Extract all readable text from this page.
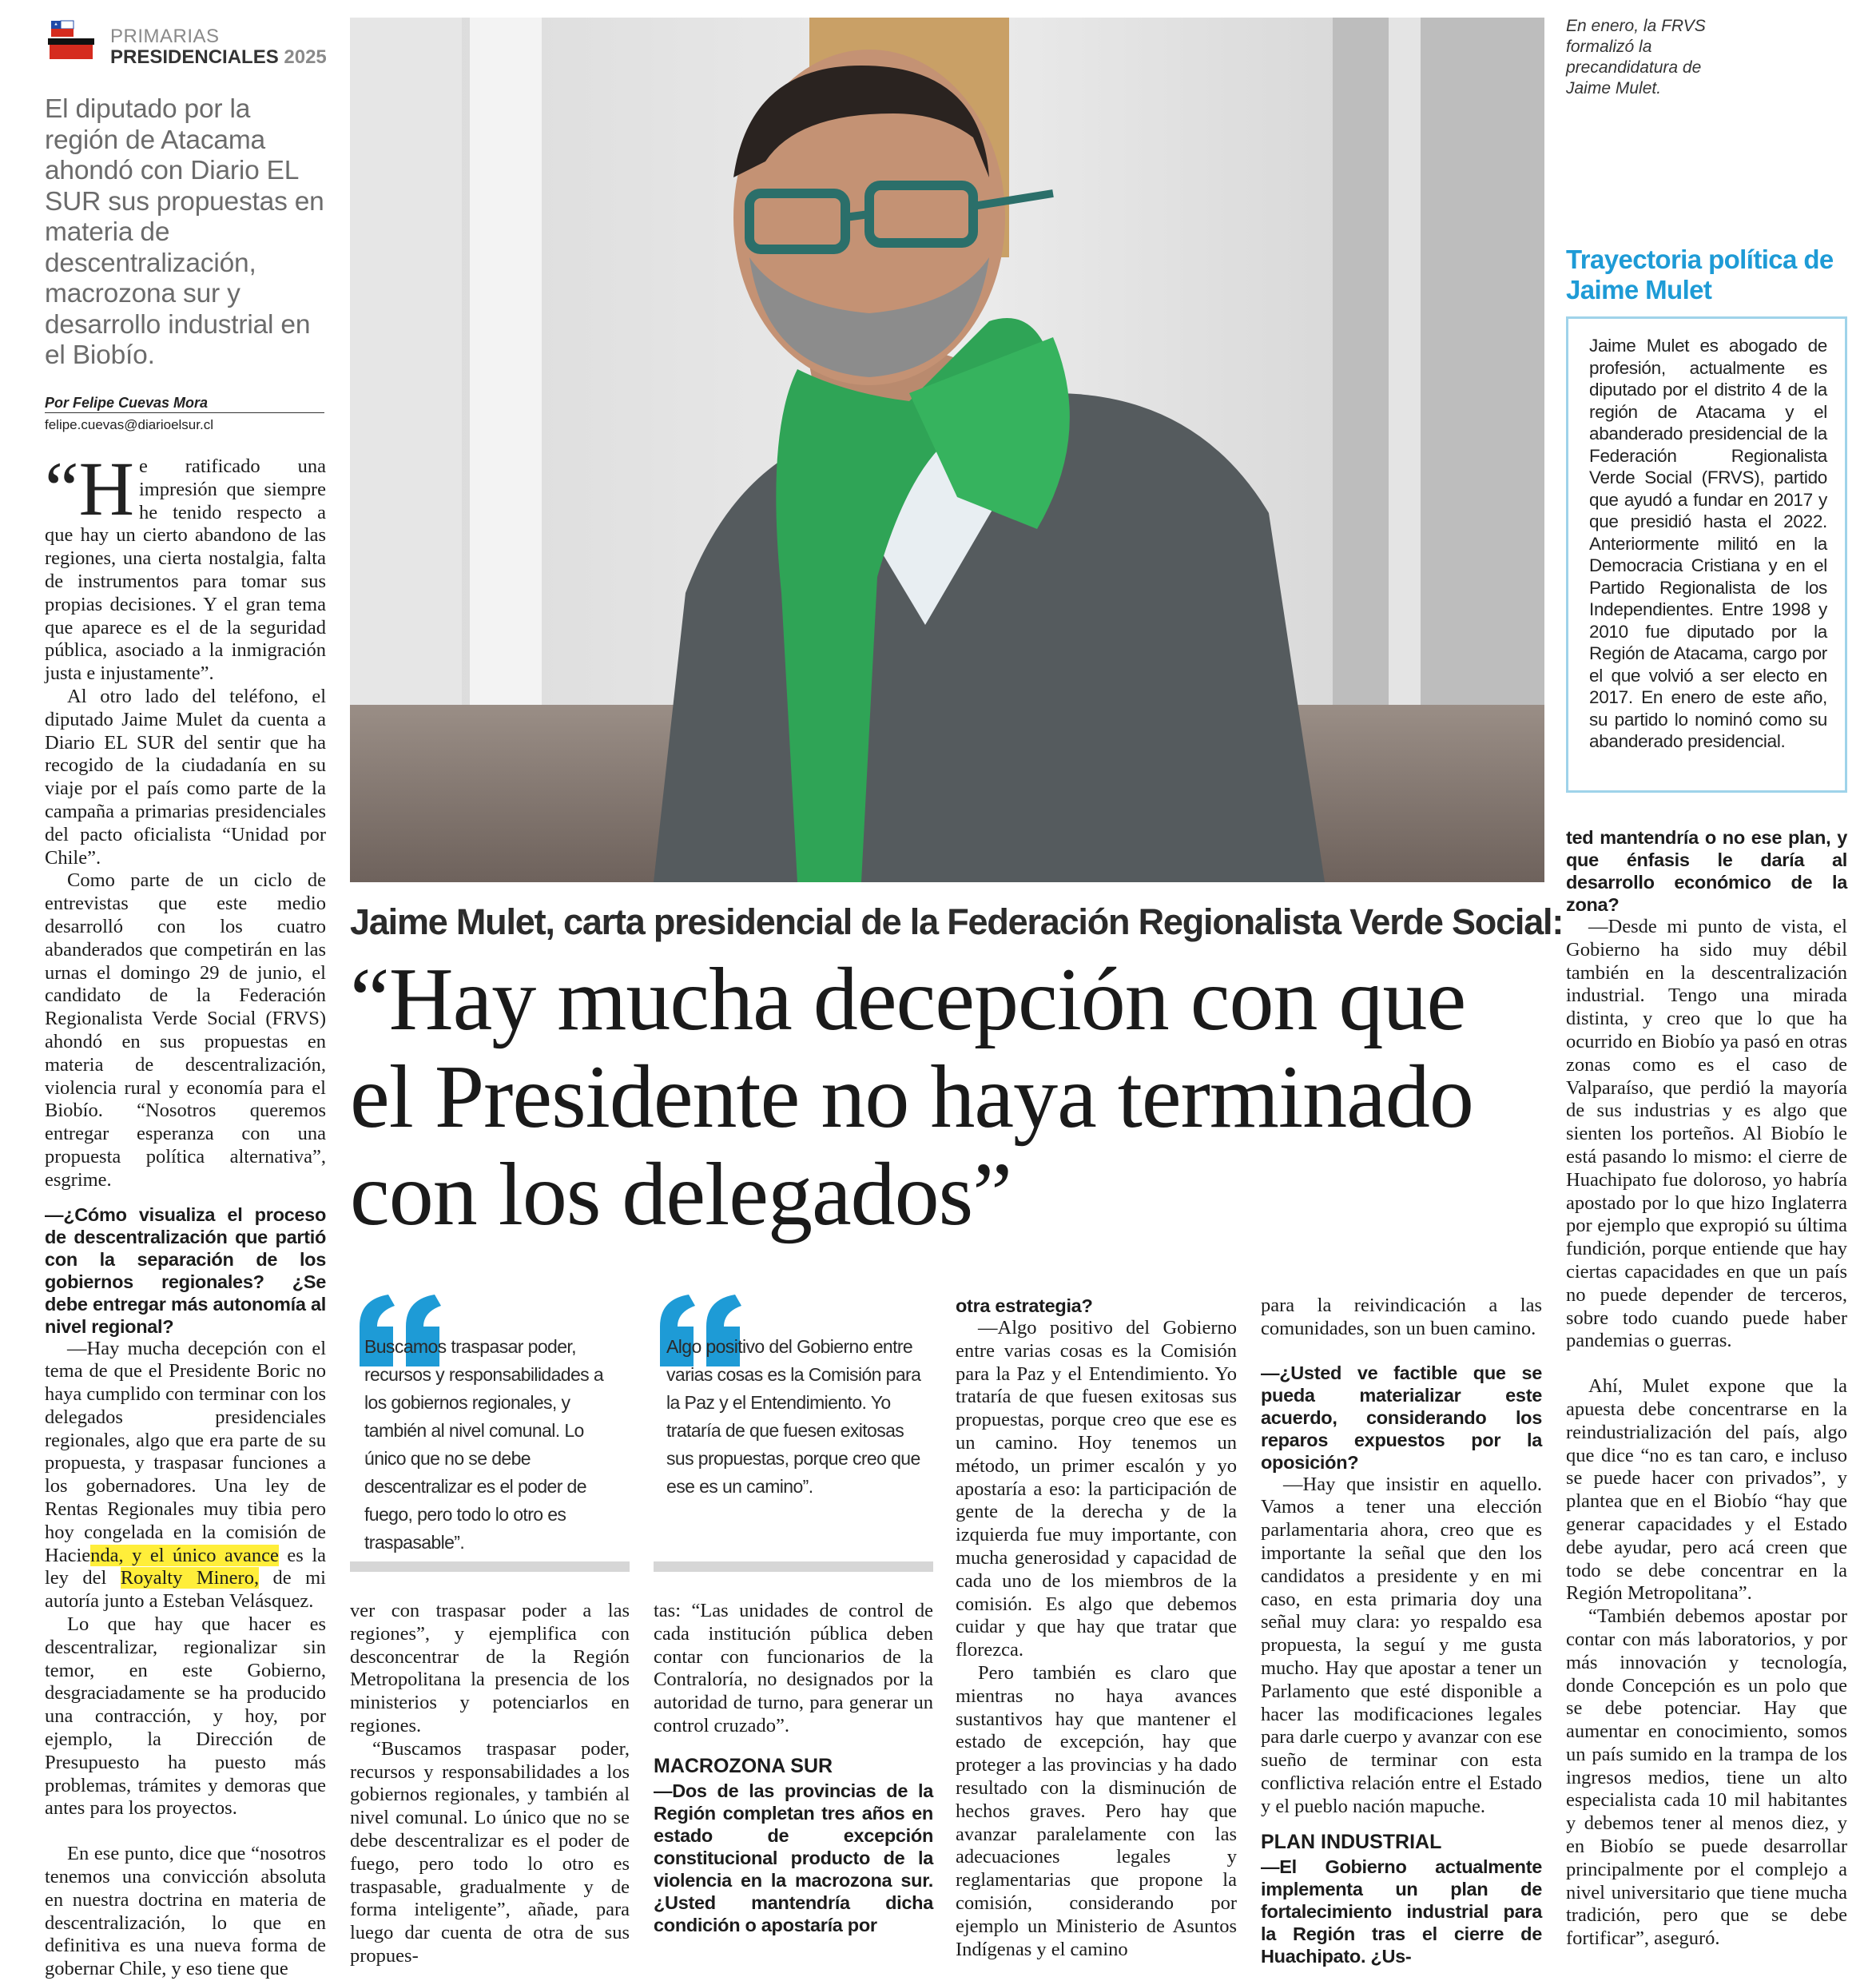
PRIMARIAS
PRESIDENCIALES 2025
El diputado por la región de Atacama ahondó con Diario EL SUR sus propuestas en materia de descentralización, macrozona sur y desarrollo industrial en el Biobío.
Por Felipe Cuevas Mora
felipe.cuevas@diarioelsur.cl

“H e ratificado una impresión que siempre he tenido respecto a que hay un cierto abandono de las regiones, una cierta nostalgia, falta de instrumentos para tomar sus propias decisiones. Y el gran tema que aparece es el de la seguridad pública, asociado a la inmigración justa e injustamente”.

Al otro lado del teléfono, el diputado Jaime Mulet da cuenta a Diario EL SUR del sentir que ha recogido de la ciudadanía en su viaje por el país como parte de la campaña a primarias presidenciales del pacto oficialista “Unidad por Chile”.

Como parte de un ciclo de entrevistas que este medio desarrolló con los cuatro abanderados que competirán en las urnas el domingo 29 de junio, el candidato de la Federación Regionalista Verde Social (FRVS) ahondó en sus propuestas en materia de descentralización, violencia rural y economía para el Biobío. “Nosotros queremos entregar esperanza con una propuesta política alternativa”, esgrime.

—¿Cómo visualiza el proceso de descentralización que partió con la separación de los gobiernos regionales? ¿Se debe entregar más autonomía al nivel regional?

—Hay mucha decepción con el tema de que el Presidente Boric no haya cumplido con terminar con los delegados presidenciales regionales, algo que era parte de su propuesta, y traspasar funciones a los gobernadores. Una ley de Rentas Regionales muy tibia pero hoy congelada en la comisión de Hacienda, y el único avance es la ley del Royalty Minero, de mi autoría junto a Esteban Velásquez.

Lo que hay que hacer es descentralizar, regionalizar sin temor, en este Gobierno, desgraciadamente se ha producido una contracción, y hoy, por ejemplo, la Dirección de Presupuesto ha puesto más problemas, trámites y demoras que antes para los proyectos.

En ese punto, dice que “nosotros tenemos una convicción absoluta en nuestra doctrina en materia de descentralización, lo que en definitiva es una nueva forma de gobernar Chile, y eso tiene que

En enero, la FRVS formalizó la precandidatura de Jaime Mulet.
Trayectoria política de Jaime Mulet
Jaime Mulet es abogado de profesión, actualmente es diputado por el distrito 4 de la región de Atacama y el abanderado presidencial de la Federación Regionalista Verde Social (FRVS), partido que ayudó a fundar en 2017 y que presidió hasta el 2022. Anteriormente militó en la Democracia Cristiana y en el Partido Regionalista de los Independientes. Entre 1998 y 2010 fue diputado por la Región de Atacama, cargo por el que volvió a ser electo en 2017. En enero de este año, su partido lo nominó como su abanderado presidencial.
Jaime Mulet, carta presidencial de la Federación Regionalista Verde Social:
“Hay mucha decepción con que el Presidente no haya terminado con los delegados”
Buscamos traspasar poder, recursos y responsabilidades a los gobiernos regionales, y también al nivel comunal. Lo único que no se debe descentralizar es el poder de fuego, pero todo lo otro es traspasable”.
Algo positivo del Gobierno entre varias cosas es la Comisión para la Paz y el Entendimiento. Yo trataría de que fuesen exitosas sus propuestas, porque creo que ese es un camino”.

ver con traspasar poder a las regiones”, y ejemplifica con desconcentrar de la Región Metropolitana la presencia de los ministerios y potenciarlos en regiones.

“Buscamos traspasar poder, recursos y responsabilidades a los gobiernos regionales, y también al nivel comunal. Lo único que no se debe descentralizar es el poder de fuego, pero todo lo otro es traspasable, gradualmente y de forma inteligente”, añade, para luego dar cuenta de otra de sus propues-

tas: “Las unidades de control de cada institución pública deben contar con funcionarios de la Contraloría, no designados por la autoridad de turno, para generar un control cruzado”.

MACROZONA SUR

—Dos de las provincias de la Región completan tres años en estado de excepción constitucional producto de la violencia en la macrozona sur. ¿Usted mantendría dicha condición o apostaría por

otra estrategia?

—Algo positivo del Gobierno entre varias cosas es la Comisión para la Paz y el Entendimiento. Yo trataría de que fuesen exitosas sus propuestas, porque creo que ese es un camino. Hoy tenemos un método, un primer escalón y yo apostaría a eso: la participación de gente de la derecha y de la izquierda fue muy importante, con mucha generosidad y capacidad de cada uno de los miembros de la comisión. Es algo que debemos cuidar y que hay que tratar que florezca.

Pero también es claro que mientras no haya avances sustantivos hay que mantener el estado de excepción, hay que proteger a las provincias y ha dado resultado con la disminución de hechos graves. Pero hay que avanzar paralelamente con las adecuaciones legales y reglamentarias que propone la comisión, considerando por ejemplo un Ministerio de Asuntos Indígenas y el camino

para la reivindicación a las comunidades, son un buen camino.

—¿Usted ve factible que se pueda materializar este acuerdo, considerando los reparos expuestos por la oposición?

—Hay que insistir en aquello. Vamos a tener una elección parlamentaria ahora, creo que es importante la señal que den los candidatos a presidente y en mi caso, en esta primaria doy una señal muy clara: yo respaldo esa propuesta, la seguí y me gusta mucho. Hay que apostar a tener un Parlamento que esté disponible a hacer las modificaciones legales para darle cuerpo y avanzar con ese sueño de terminar con esta conflictiva relación entre el Estado y el pueblo nación mapuche.

PLAN INDUSTRIAL

—El Gobierno actualmente implementa un plan de fortalecimiento industrial para la Región tras el cierre de Huachipato. ¿Us-

ted mantendría o no ese plan, y que énfasis le daría al desarrollo económico de la zona?

—Desde mi punto de vista, el Gobierno ha sido muy débil también en la descentralización industrial. Tengo una mirada distinta, y creo que lo que ha ocurrido en Biobío ya pasó en otras zonas como es el caso de Valparaíso, que perdió la mayoría de sus industrias y es algo que sienten los porteños. Al Biobío le está pasando lo mismo: el cierre de Huachipato fue doloroso, yo habría apostado por lo que hizo Inglaterra por ejemplo que expropió su última fundición, porque entiende que hay ciertas capacidades en que un país no puede depender de terceros, sobre todo cuando puede haber pandemias o guerras.

Ahí, Mulet expone que la apuesta debe concentrarse en la reindustrialización del país, algo que dice “no es tan caro, e incluso se puede hacer con privados”, y plantea que en el Biobío “hay que generar capacidades y el Estado debe ayudar, pero acá creen que todo se debe concentrar en la Región Metropolitana”.

“También debemos apostar por contar con más laboratorios, y por más innovación y tecnología, donde Concepción es un polo que se debe potenciar. Hay que aumentar en conocimiento, somos un país sumido en la trampa de los ingresos medios, tiene un alto especialista cada 10 mil habitantes y debemos tener al menos diez, y en Biobío se puede desarrollar principalmente por el complejo a nivel universitario que tiene mucha tradición, pero que se debe fortificar”, aseguró.
